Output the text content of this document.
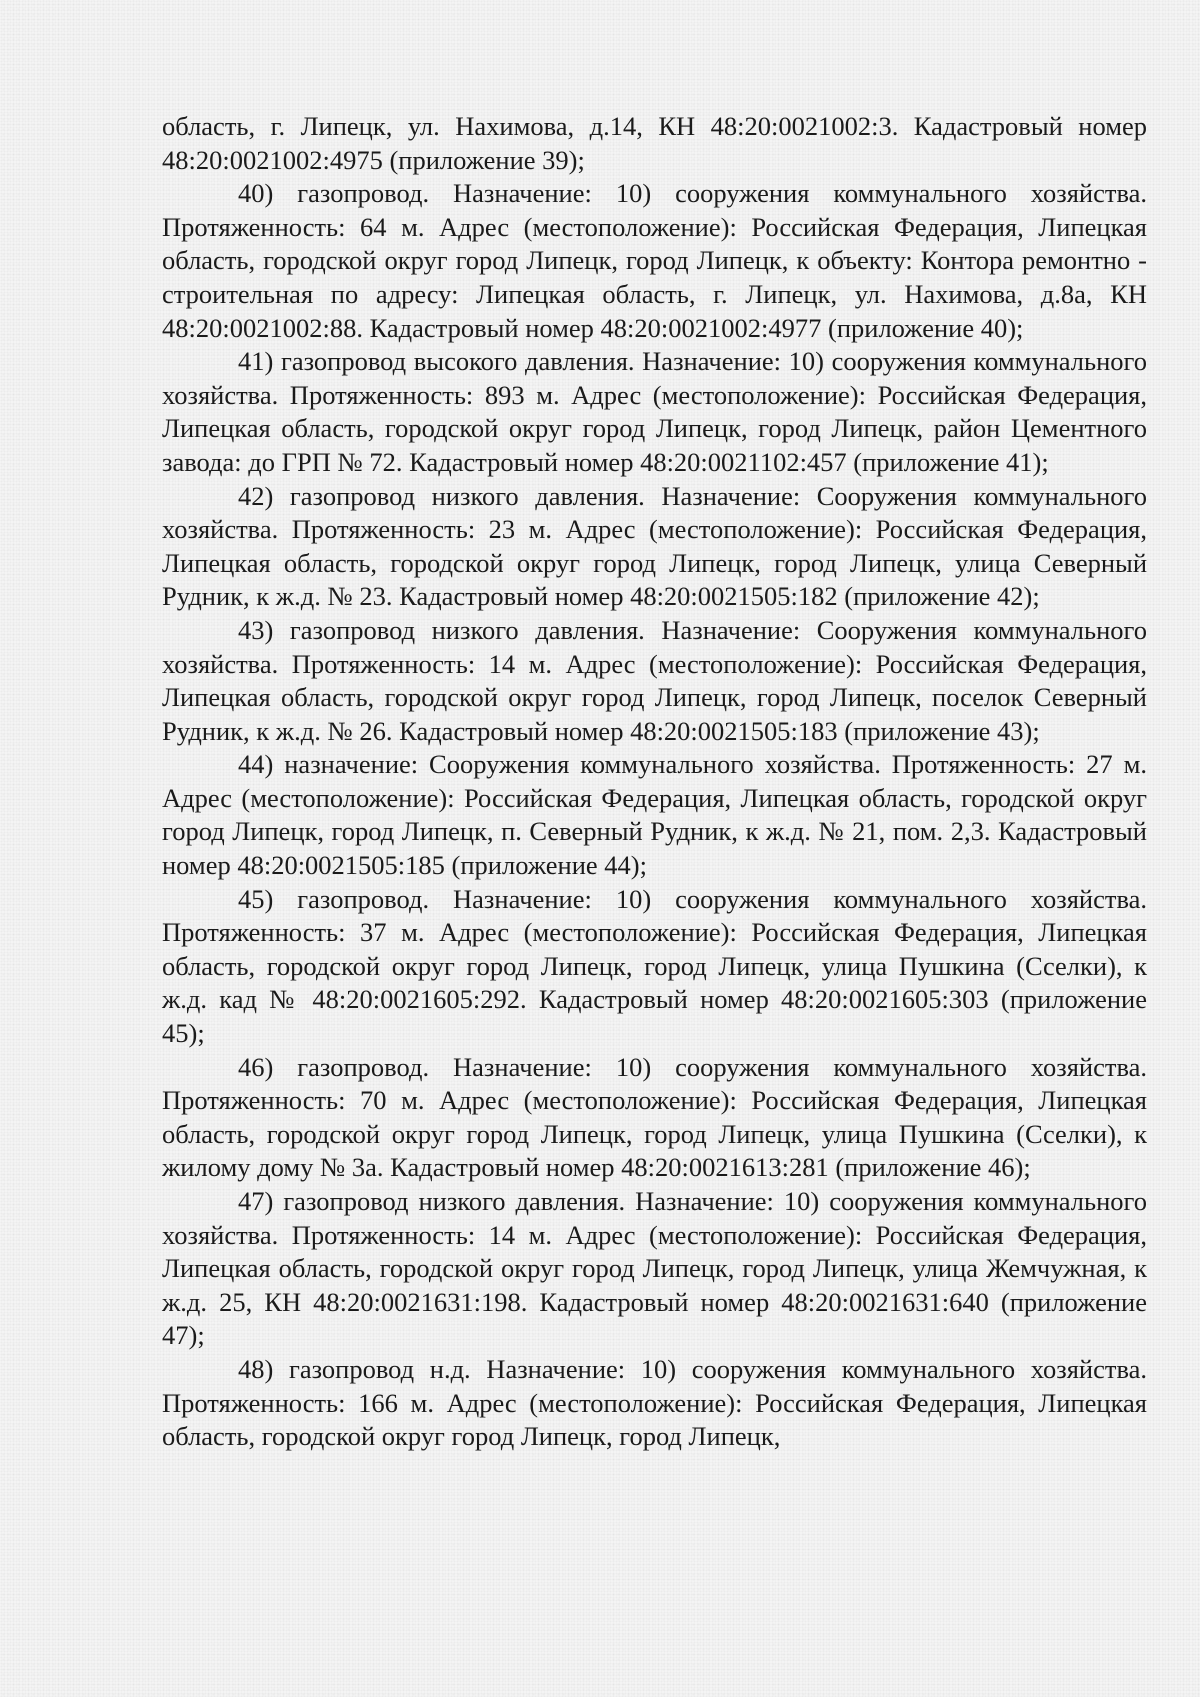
область, г. Липецк, ул. Нахимова, д.14, КН 48:20:0021002:3. Кадастровый номер 48:20:0021002:4975 (приложение 39);

40) газопровод. Назначение: 10) сооружения коммунального хозяйства. Протяженность: 64 м. Адрес (местоположение): Российская Федерация, Липецкая область, городской округ город Липецк, город Липецк, к объекту: Контора ремонтно - строительная по адресу: Липецкая область, г. Липецк, ул. Нахимова, д.8а, КН 48:20:0021002:88. Кадастровый номер 48:20:0021002:4977 (приложение 40);

41) газопровод высокого давления. Назначение: 10) сооружения коммунального хозяйства. Протяженность: 893 м. Адрес (местоположение): Российская Федерация, Липецкая область, городской округ город Липецк, город Липецк, район Цементного завода: до ГРП № 72. Кадастровый номер 48:20:0021102:457 (приложение 41);

42) газопровод низкого давления. Назначение: Сооружения коммунального хозяйства. Протяженность: 23 м. Адрес (местоположение): Российская Федерация, Липецкая область, городской округ город Липецк, город Липецк, улица Северный Рудник, к ж.д. № 23. Кадастровый номер 48:20:0021505:182 (приложение 42);

43) газопровод низкого давления. Назначение: Сооружения коммунального хозяйства. Протяженность: 14 м. Адрес (местоположение): Российская Федерация, Липецкая область, городской округ город Липецк, город Липецк, поселок Северный Рудник, к ж.д. № 26. Кадастровый номер 48:20:0021505:183 (приложение 43);

44) назначение: Сооружения коммунального хозяйства. Протяженность: 27 м. Адрес (местоположение): Российская Федерация, Липецкая область, городской округ город Липецк, город Липецк, п. Северный Рудник, к ж.д. № 21, пом. 2,3. Кадастровый номер 48:20:0021505:185 (приложение 44);

45) газопровод. Назначение: 10) сооружения коммунального хозяйства. Протяженность: 37 м. Адрес (местоположение): Российская Федерация, Липецкая область, городской округ город Липецк, город Липецк, улица Пушкина (Сселки), к ж.д. кад № 48:20:0021605:292. Кадастровый номер 48:20:0021605:303 (приложение 45);

46) газопровод. Назначение: 10) сооружения коммунального хозяйства. Протяженность: 70 м. Адрес (местоположение): Российская Федерация, Липецкая область, городской округ город Липецк, город Липецк, улица Пушкина (Сселки), к жилому дому № 3а. Кадастровый номер 48:20:0021613:281 (приложение 46);

47) газопровод низкого давления. Назначение: 10) сооружения коммунального хозяйства. Протяженность: 14 м. Адрес (местоположение): Российская Федерация, Липецкая область, городской округ город Липецк, город Липецк, улица Жемчужная, к ж.д. 25, КН 48:20:0021631:198. Кадастровый номер 48:20:0021631:640 (приложение 47);

48) газопровод н.д. Назначение: 10) сооружения коммунального хозяйства. Протяженность: 166 м. Адрес (местоположение): Российская Федерация, Липецкая область, городской округ город Липецк, город Липецк,
